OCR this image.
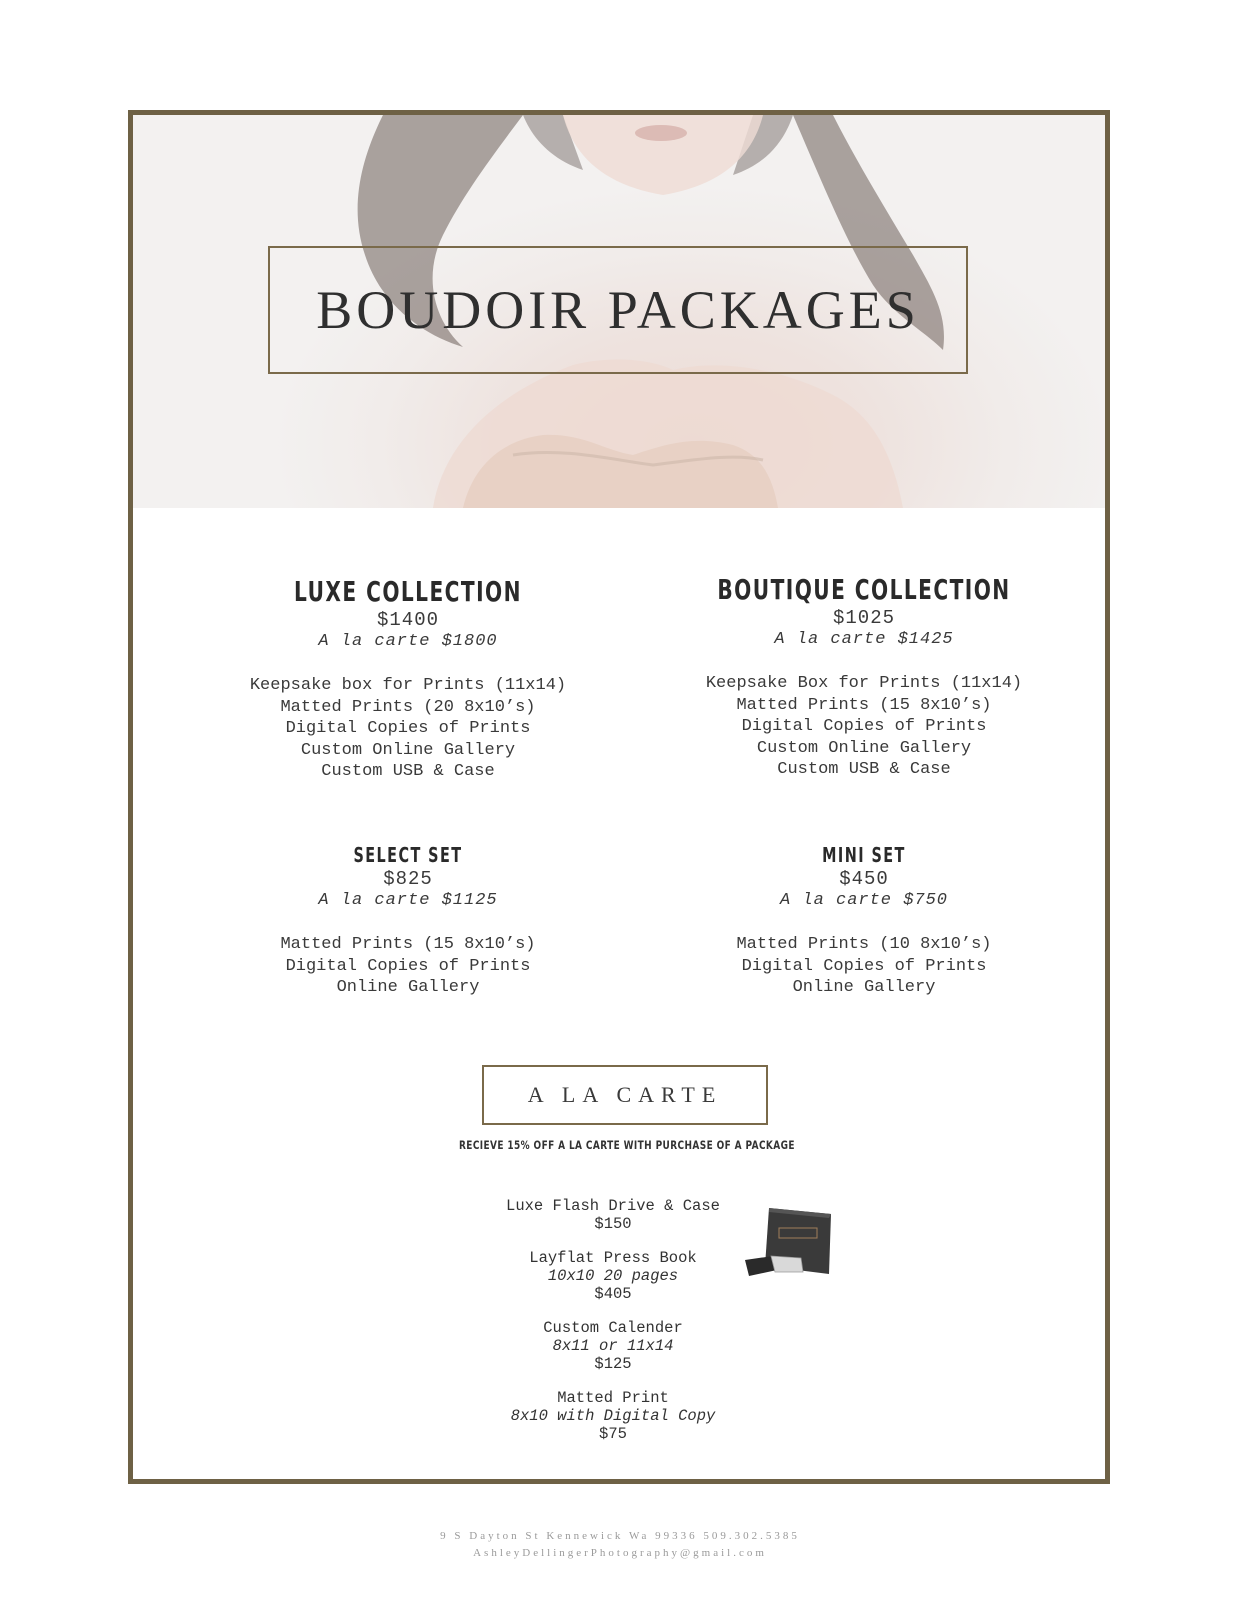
BOUDOIR PACKAGES
LUXE COLLECTION
$1400
A la carte $1800
Keepsake box for Prints (11x14)
Matted Prints (20 8x10’s)
Digital Copies of Prints
Custom Online Gallery
Custom USB & Case
BOUTIQUE COLLECTION
$1025
A la carte $1425
Keepsake Box for Prints (11x14)
Matted Prints (15 8x10’s)
Digital Copies of Prints
Custom Online Gallery
Custom USB & Case
SELECT SET
$825
A la carte $1125
Matted Prints (15 8x10’s)
Digital Copies of Prints
Online Gallery
MINI SET
$450
A la carte $750
Matted Prints (10 8x10’s)
Digital Copies of Prints
Online Gallery
A LA CARTE
RECIEVE 15% OFF A LA CARTE WITH PURCHASE OF A PACKAGE
Luxe Flash Drive & Case
$150
Layflat Press Book
10x10 20 pages
$405
Custom Calender
8x11 or 11x14
$125
Matted Print
8x10 with Digital Copy
$75
9 S Dayton St Kennewick Wa 99336 509.302.5385
AshleyDellingerPhotography@gmail.com
